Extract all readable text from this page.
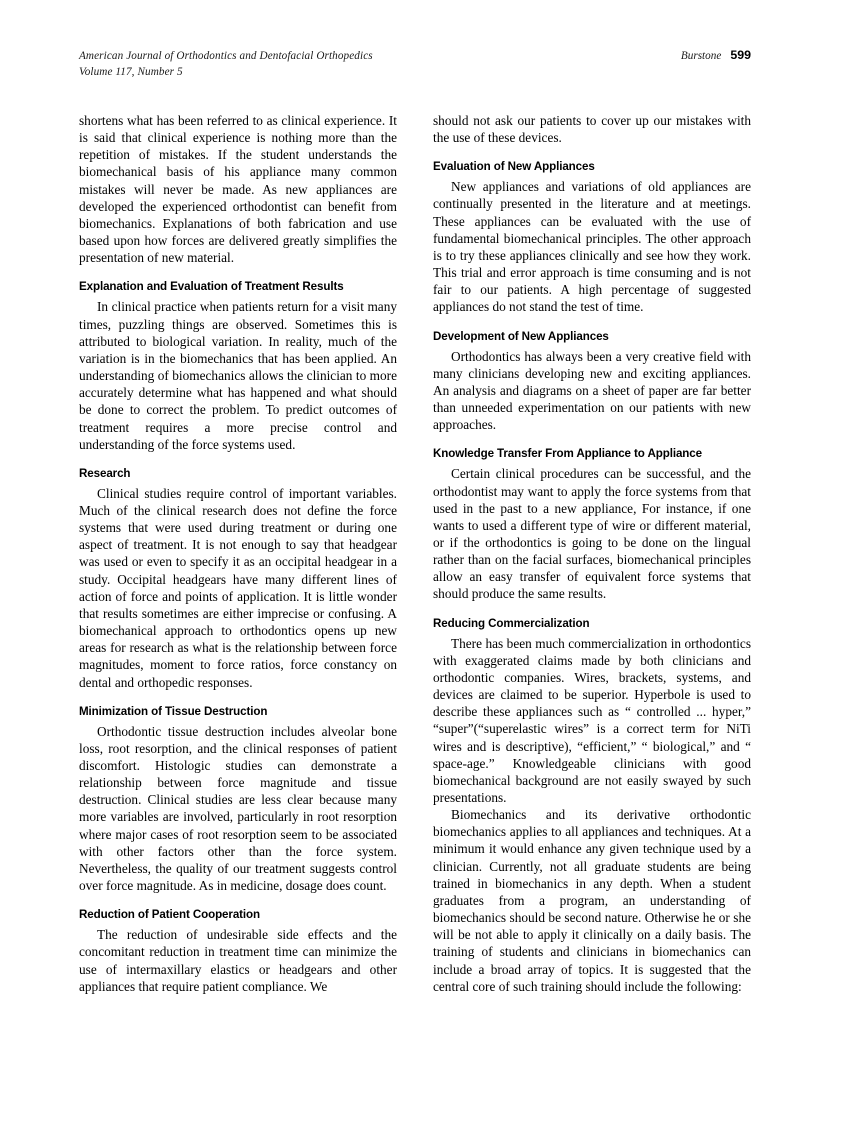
American Journal of Orthodontics and Dentofacial Orthopedics
Volume 117, Number 5
Burstone 599

shortens what has been referred to as clinical experience. It is said that clinical experience is nothing more than the repetition of mistakes. If the student understands the biomechanical basis of his appliance many common mistakes will never be made. As new appliances are developed the experienced orthodontist can benefit from biomechanics. Explanations of both fabrication and use based upon how forces are delivered greatly simplifies the presentation of new material.

Explanation and Evaluation of Treatment Results

In clinical practice when patients return for a visit many times, puzzling things are observed. Sometimes this is attributed to biological variation. In reality, much of the variation is in the biomechanics that has been applied. An understanding of biomechanics allows the clinician to more accurately determine what has happened and what should be done to correct the problem. To predict outcomes of treatment requires a more precise control and understanding of the force systems used.

Research

Clinical studies require control of important variables. Much of the clinical research does not define the force systems that were used during treatment or during one aspect of treatment. It is not enough to say that headgear was used or even to specify it as an occipital headgear in a study. Occipital headgears have many different lines of action of force and points of application. It is little wonder that results sometimes are either imprecise or confusing. A biomechanical approach to orthodontics opens up new areas for research as what is the relationship between force magnitudes, moment to force ratios, force constancy on dental and orthopedic responses.

Minimization of Tissue Destruction

Orthodontic tissue destruction includes alveolar bone loss, root resorption, and the clinical responses of patient discomfort. Histologic studies can demonstrate a relationship between force magnitude and tissue destruction. Clinical studies are less clear because many more variables are involved, particularly in root resorption where major cases of root resorption seem to be associated with other factors other than the force system. Nevertheless, the quality of our treatment suggests control over force magnitude. As in medicine, dosage does count.

Reduction of Patient Cooperation

The reduction of undesirable side effects and the concomitant reduction in treatment time can minimize the use of intermaxillary elastics or headgears and other appliances that require patient compliance. We

should not ask our patients to cover up our mistakes with the use of these devices.

Evaluation of New Appliances

New appliances and variations of old appliances are continually presented in the literature and at meetings. These appliances can be evaluated with the use of fundamental biomechanical principles. The other approach is to try these appliances clinically and see how they work. This trial and error approach is time consuming and is not fair to our patients. A high percentage of suggested appliances do not stand the test of time.

Development of New Appliances

Orthodontics has always been a very creative field with many clinicians developing new and exciting appliances. An analysis and diagrams on a sheet of paper are far better than unneeded experimentation on our patients with new approaches.

Knowledge Transfer From Appliance to Appliance

Certain clinical procedures can be successful, and the orthodontist may want to apply the force systems from that used in the past to a new appliance, For instance, if one wants to used a different type of wire or different material, or if the orthodontics is going to be done on the lingual rather than on the facial surfaces, biomechanical principles allow an easy transfer of equivalent force systems that should produce the same results.

Reducing Commercialization

There has been much commercialization in orthodontics with exaggerated claims made by both clinicians and orthodontic companies. Wires, brackets, systems, and devices are claimed to be superior. Hyperbole is used to describe these appliances such as “ controlled ... hyper,” “super”(“superelastic wires” is a correct term for NiTi wires and is descriptive), “efficient,” “ biological,” and “ space-age.” Knowledgeable clinicians with good biomechanical background are not easily swayed by such presentations.

Biomechanics and its derivative orthodontic biomechanics applies to all appliances and techniques. At a minimum it would enhance any given technique used by a clinician. Currently, not all graduate students are being trained in biomechanics in any depth. When a student graduates from a program, an understanding of biomechanics should be second nature. Otherwise he or she will be not able to apply it clinically on a daily basis. The training of students and clinicians in biomechanics can include a broad array of topics. It is suggested that the central core of such training should include the following:
